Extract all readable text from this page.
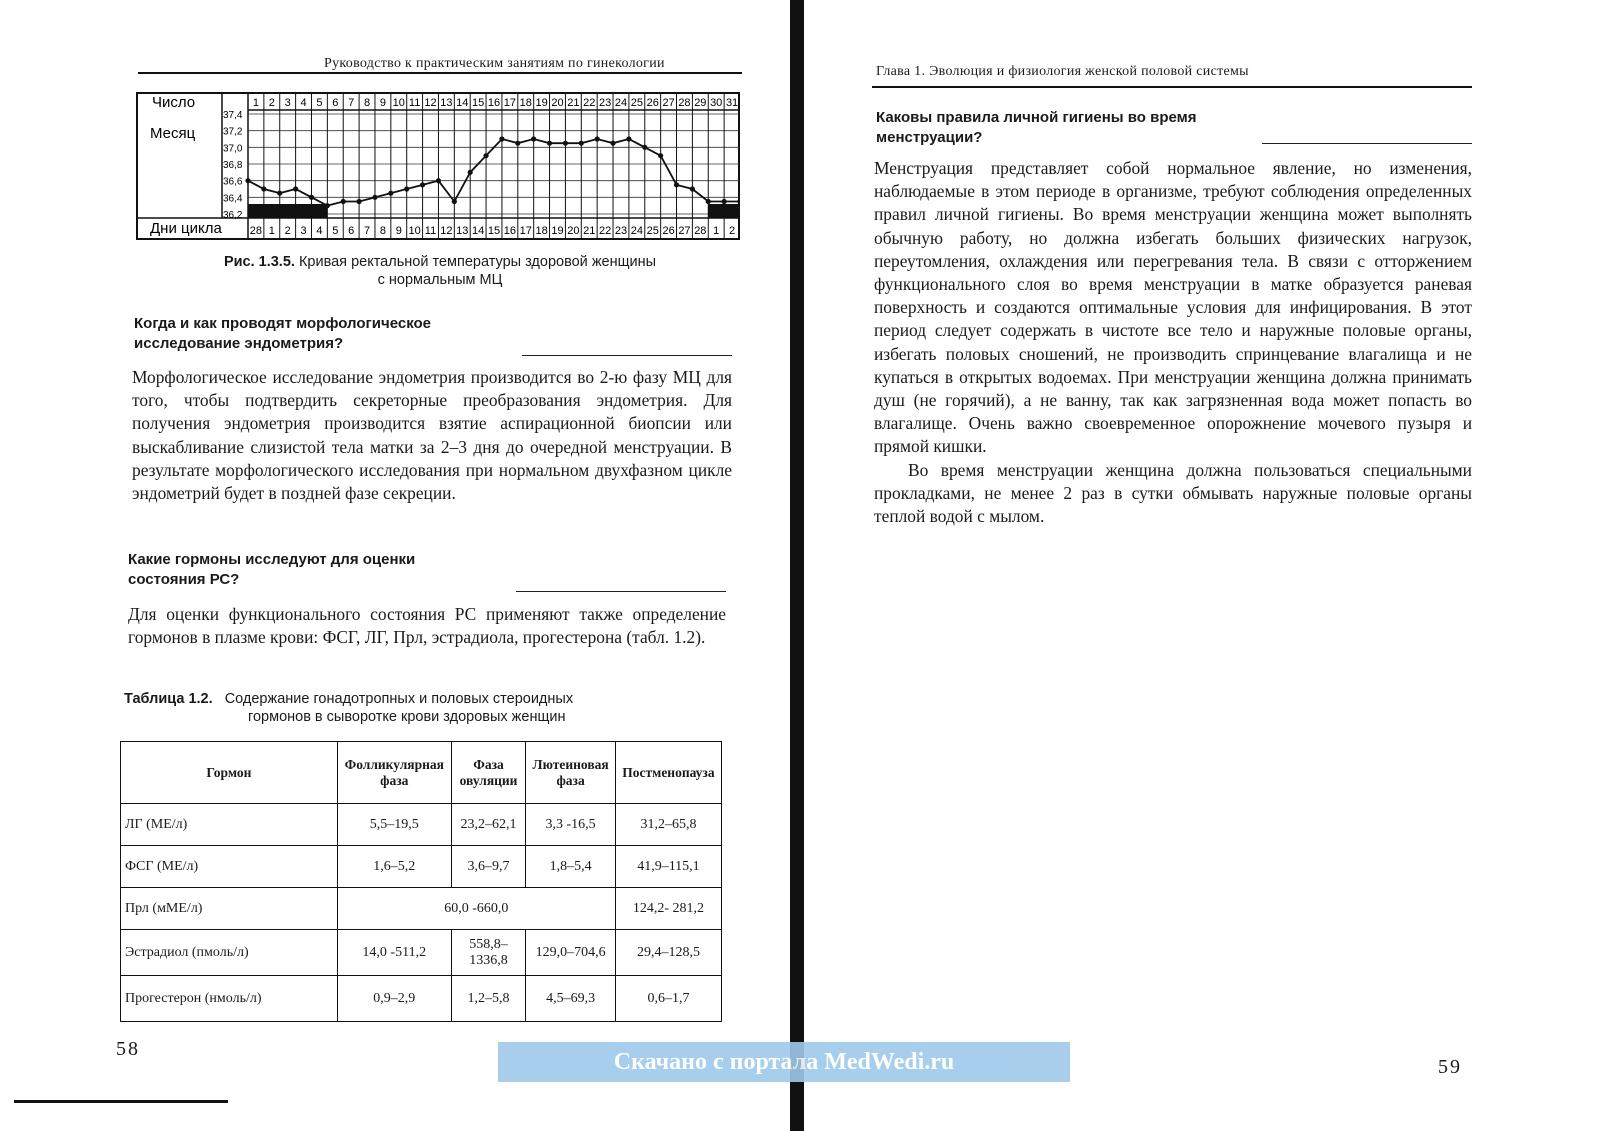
Руководство к практическим занятиям по гинекологии
Число
Месяц
Дни цикла
37,4
37,2
37,0
36,8
36,6
36,4
36,2
1 2 3 4 5 6 7 8 9 10 11 12 13 14 15 16 17 18 19 20 21 22 23 24 25 26 27 28 29 30 31
28 1 2 3 4 5 6 7 8 9 10 11 12 13 14 15 16 17 18 19 20 21 22 23 24 25 26 27 28 1 2
Рис. 1.3.5. Кривая ректальной температуры здоровой женщины
с нормальным МЦ
Когда и как проводят морфологическое
исследование эндометрия?

Морфологическое исследование эндометрия производится во 2-ю фазу МЦ для того, чтобы подтвердить секреторные преобразования эндометрия. Для получения эндометрия производится взятие аспирационной биопсии или выскабливание слизистой тела матки за 2–3 дня до очередной менструации. В результате морфологического исследования при нормальном двухфазном цикле эндометрий будет в поздней фазе секреции.

Какие гормоны исследуют для оценки
состояния РС?

Для оценки функционального состояния РС применяют также определение гормонов в плазме крови: ФСГ, ЛГ, Прл, эстрадиола, прогестерона (табл. 1.2).

Таблица 1.2. Содержание гонадотропных и половых стероидных
гормонов в сыворотке крови здоровых женщин
Гормон	Фолликулярная фаза	Фаза овуляции	Лютеиновая фаза	Постменопауза
ЛГ (МЕ/л)	5,5–19,5	23,2–62,1	3,3 -16,5	31,2–65,8
ФСГ (МЕ/л)	1,6–5,2	3,6–9,7	1,8–5,4	41,9–115,1
Прл (мМЕ/л)	60,0 -660,0			124,2- 281,2
Эстрадиол (пмоль/л)	14,0 -511,2	558,8–1336,8	129,0–704,6	29,4–128,5
Прогестерон (нмоль/л)	0,9–2,9	1,2–5,8	4,5–69,3	0,6–1,7
58
Глава 1. Эволюция и физиология женской половой системы
Каковы правила личной гигиены во время
менструации?

Менструация представляет собой нормальное явление, но изменения, наблюдаемые в этом периоде в организме, требуют соблюдения определенных правил личной гигиены. Во время менструации женщина может выполнять обычную работу, но должна избегать больших физических нагрузок, переутомления, охлаждения или перегревания тела. В связи с отторжением функционального слоя во время менструации в матке образуется раневая поверхность и создаются оптимальные условия для инфицирования. В этот период следует содержать в чистоте все тело и наружные половые органы, избегать половых сношений, не производить спринцевание влагалища и не купаться в открытых водоемах. При менструации женщина должна принимать душ (не горячий), а не ванну, так как загрязненная вода может попасть во влагалище. Очень важно своевременное опорожнение мочевого пузыря и прямой кишки.

Во время менструации женщина должна пользоваться специальными прокладками, не менее 2 раз в сутки обмывать наружные половые органы теплой водой с мылом.

59
Скачано с портала MedWedi.ru
